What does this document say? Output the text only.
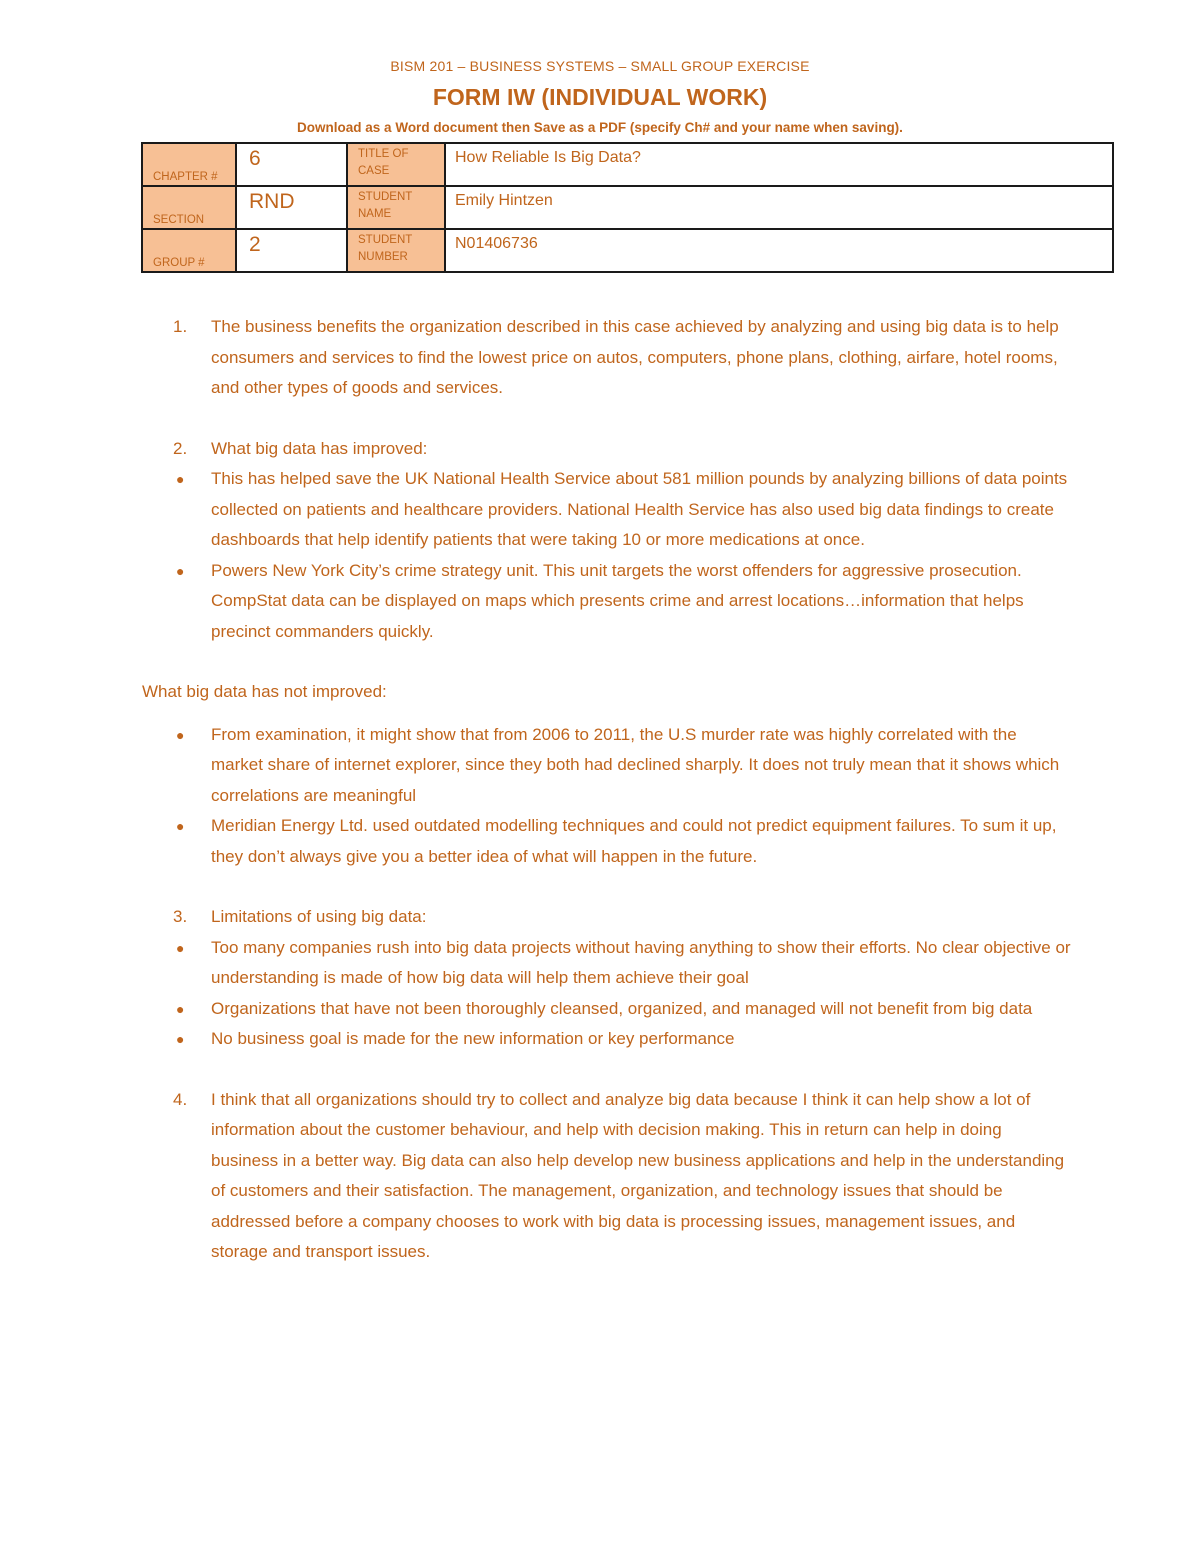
BISM 201 – BUSINESS SYSTEMS – SMALL GROUP EXERCISE
FORM IW (INDIVIDUAL WORK)
Download as a Word document then Save as a PDF (specify Ch# and your name when saving).
CHAPTER #	6	TITLE OF CASE	How Reliable Is Big Data?

SECTION	RND	STUDENT NAME	Emily Hintzen

GROUP #	2	STUDENT NUMBER	N01406736
1. The business benefits the organization described in this case achieved by analyzing and using big data is to help consumers and services to find the lowest price on autos, computers, phone plans, clothing, airfare, hotel rooms, and other types of goods and services.
2. What big data has improved:
● This has helped save the UK National Health Service about 581 million pounds by analyzing billions of data points collected on patients and healthcare providers. National Health Service has also used big data findings to create dashboards that help identify patients that were taking 10 or more medications at once.
● Powers New York City’s crime strategy unit. This unit targets the worst offenders for aggressive prosecution. CompStat data can be displayed on maps which presents crime and arrest locations…information that helps precinct commanders quickly.
What big data has not improved:
● From examination, it might show that from 2006 to 2011, the U.S murder rate was highly correlated with the market share of internet explorer, since they both had declined sharply. It does not truly mean that it shows which correlations are meaningful
● Meridian Energy Ltd. used outdated modelling techniques and could not predict equipment failures. To sum it up, they don’t always give you a better idea of what will happen in the future.
3. Limitations of using big data:
● Too many companies rush into big data projects without having anything to show their efforts. No clear objective or understanding is made of how big data will help them achieve their goal
● Organizations that have not been thoroughly cleansed, organized, and managed will not benefit from big data
● No business goal is made for the new information or key performance
4. I think that all organizations should try to collect and analyze big data because I think it can help show a lot of information about the customer behaviour, and help with decision making. This in return can help in doing business in a better way. Big data can also help develop new business applications and help in the understanding of customers and their satisfaction. The management, organization, and technology issues that should be addressed before a company chooses to work with big data is processing issues, management issues, and storage and transport issues.
